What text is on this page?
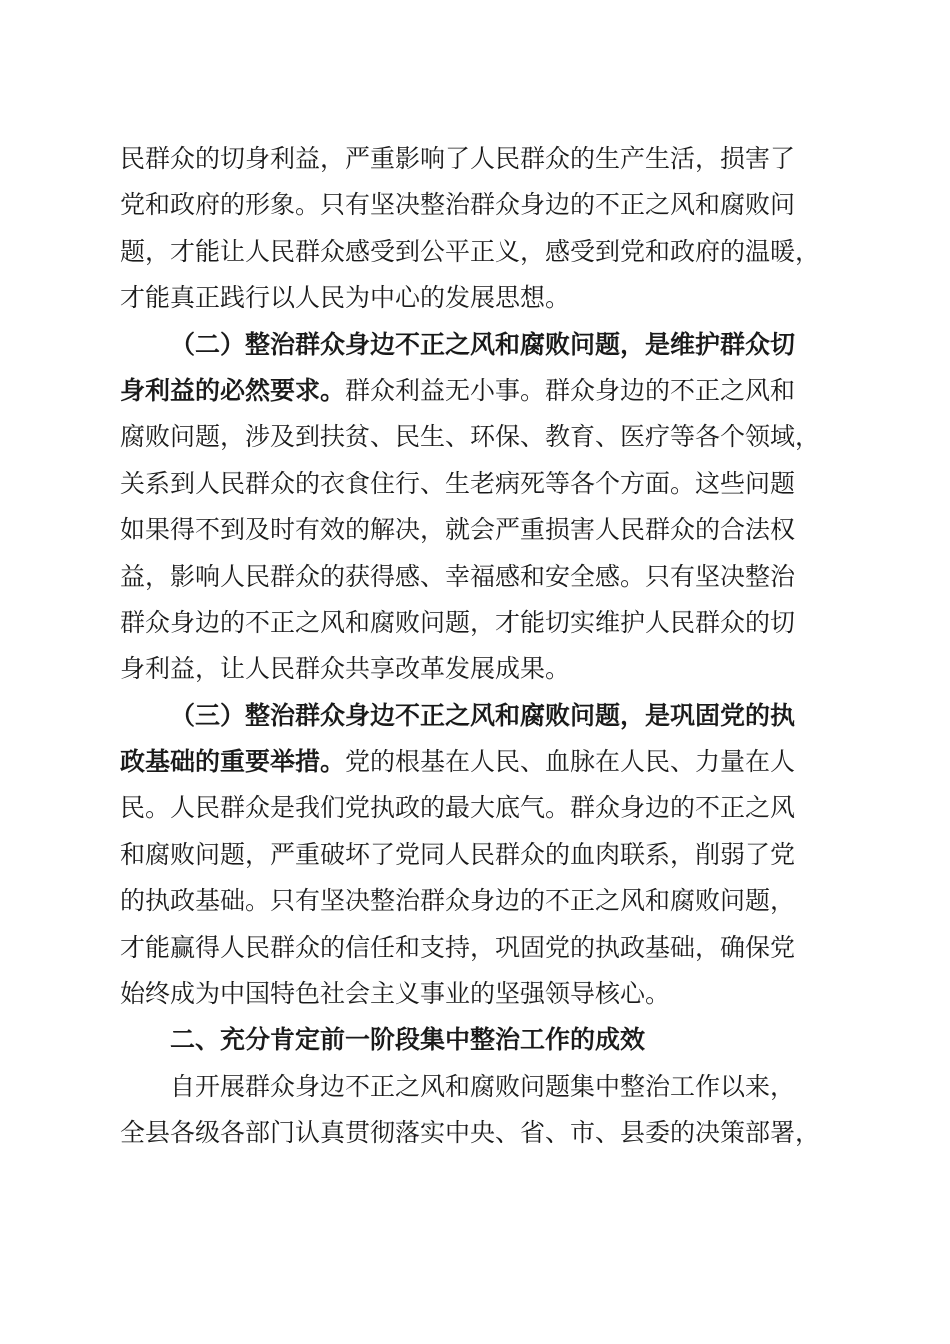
民群众的切身利益，严重影响了人民群众的生产生活，损害了
党和政府的形象。只有坚决整治群众身边的不正之风和腐败问
题，才能让人民群众感受到公平正义，感受到党和政府的温暖，
才能真正践行以人民为中心的发展思想。
（二）整治群众身边不正之风和腐败问题，是维护群众切
身利益的必然要求。群众利益无小事。群众身边的不正之风和
腐败问题，涉及到扶贫、民生、环保、教育、医疗等各个领域，
关系到人民群众的衣食住行、生老病死等各个方面。这些问题
如果得不到及时有效的解决，就会严重损害人民群众的合法权
益，影响人民群众的获得感、幸福感和安全感。只有坚决整治
群众身边的不正之风和腐败问题，才能切实维护人民群众的切
身利益，让人民群众共享改革发展成果。
（三）整治群众身边不正之风和腐败问题，是巩固党的执
政基础的重要举措。党的根基在人民、血脉在人民、力量在人
民。人民群众是我们党执政的最大底气。群众身边的不正之风
和腐败问题，严重破坏了党同人民群众的血肉联系，削弱了党
的执政基础。只有坚决整治群众身边的不正之风和腐败问题，
才能赢得人民群众的信任和支持，巩固党的执政基础，确保党
始终成为中国特色社会主义事业的坚强领导核心。
二、充分肯定前一阶段集中整治工作的成效
自开展群众身边不正之风和腐败问题集中整治工作以来，
全县各级各部门认真贯彻落实中央、省、市、县委的决策部署，
